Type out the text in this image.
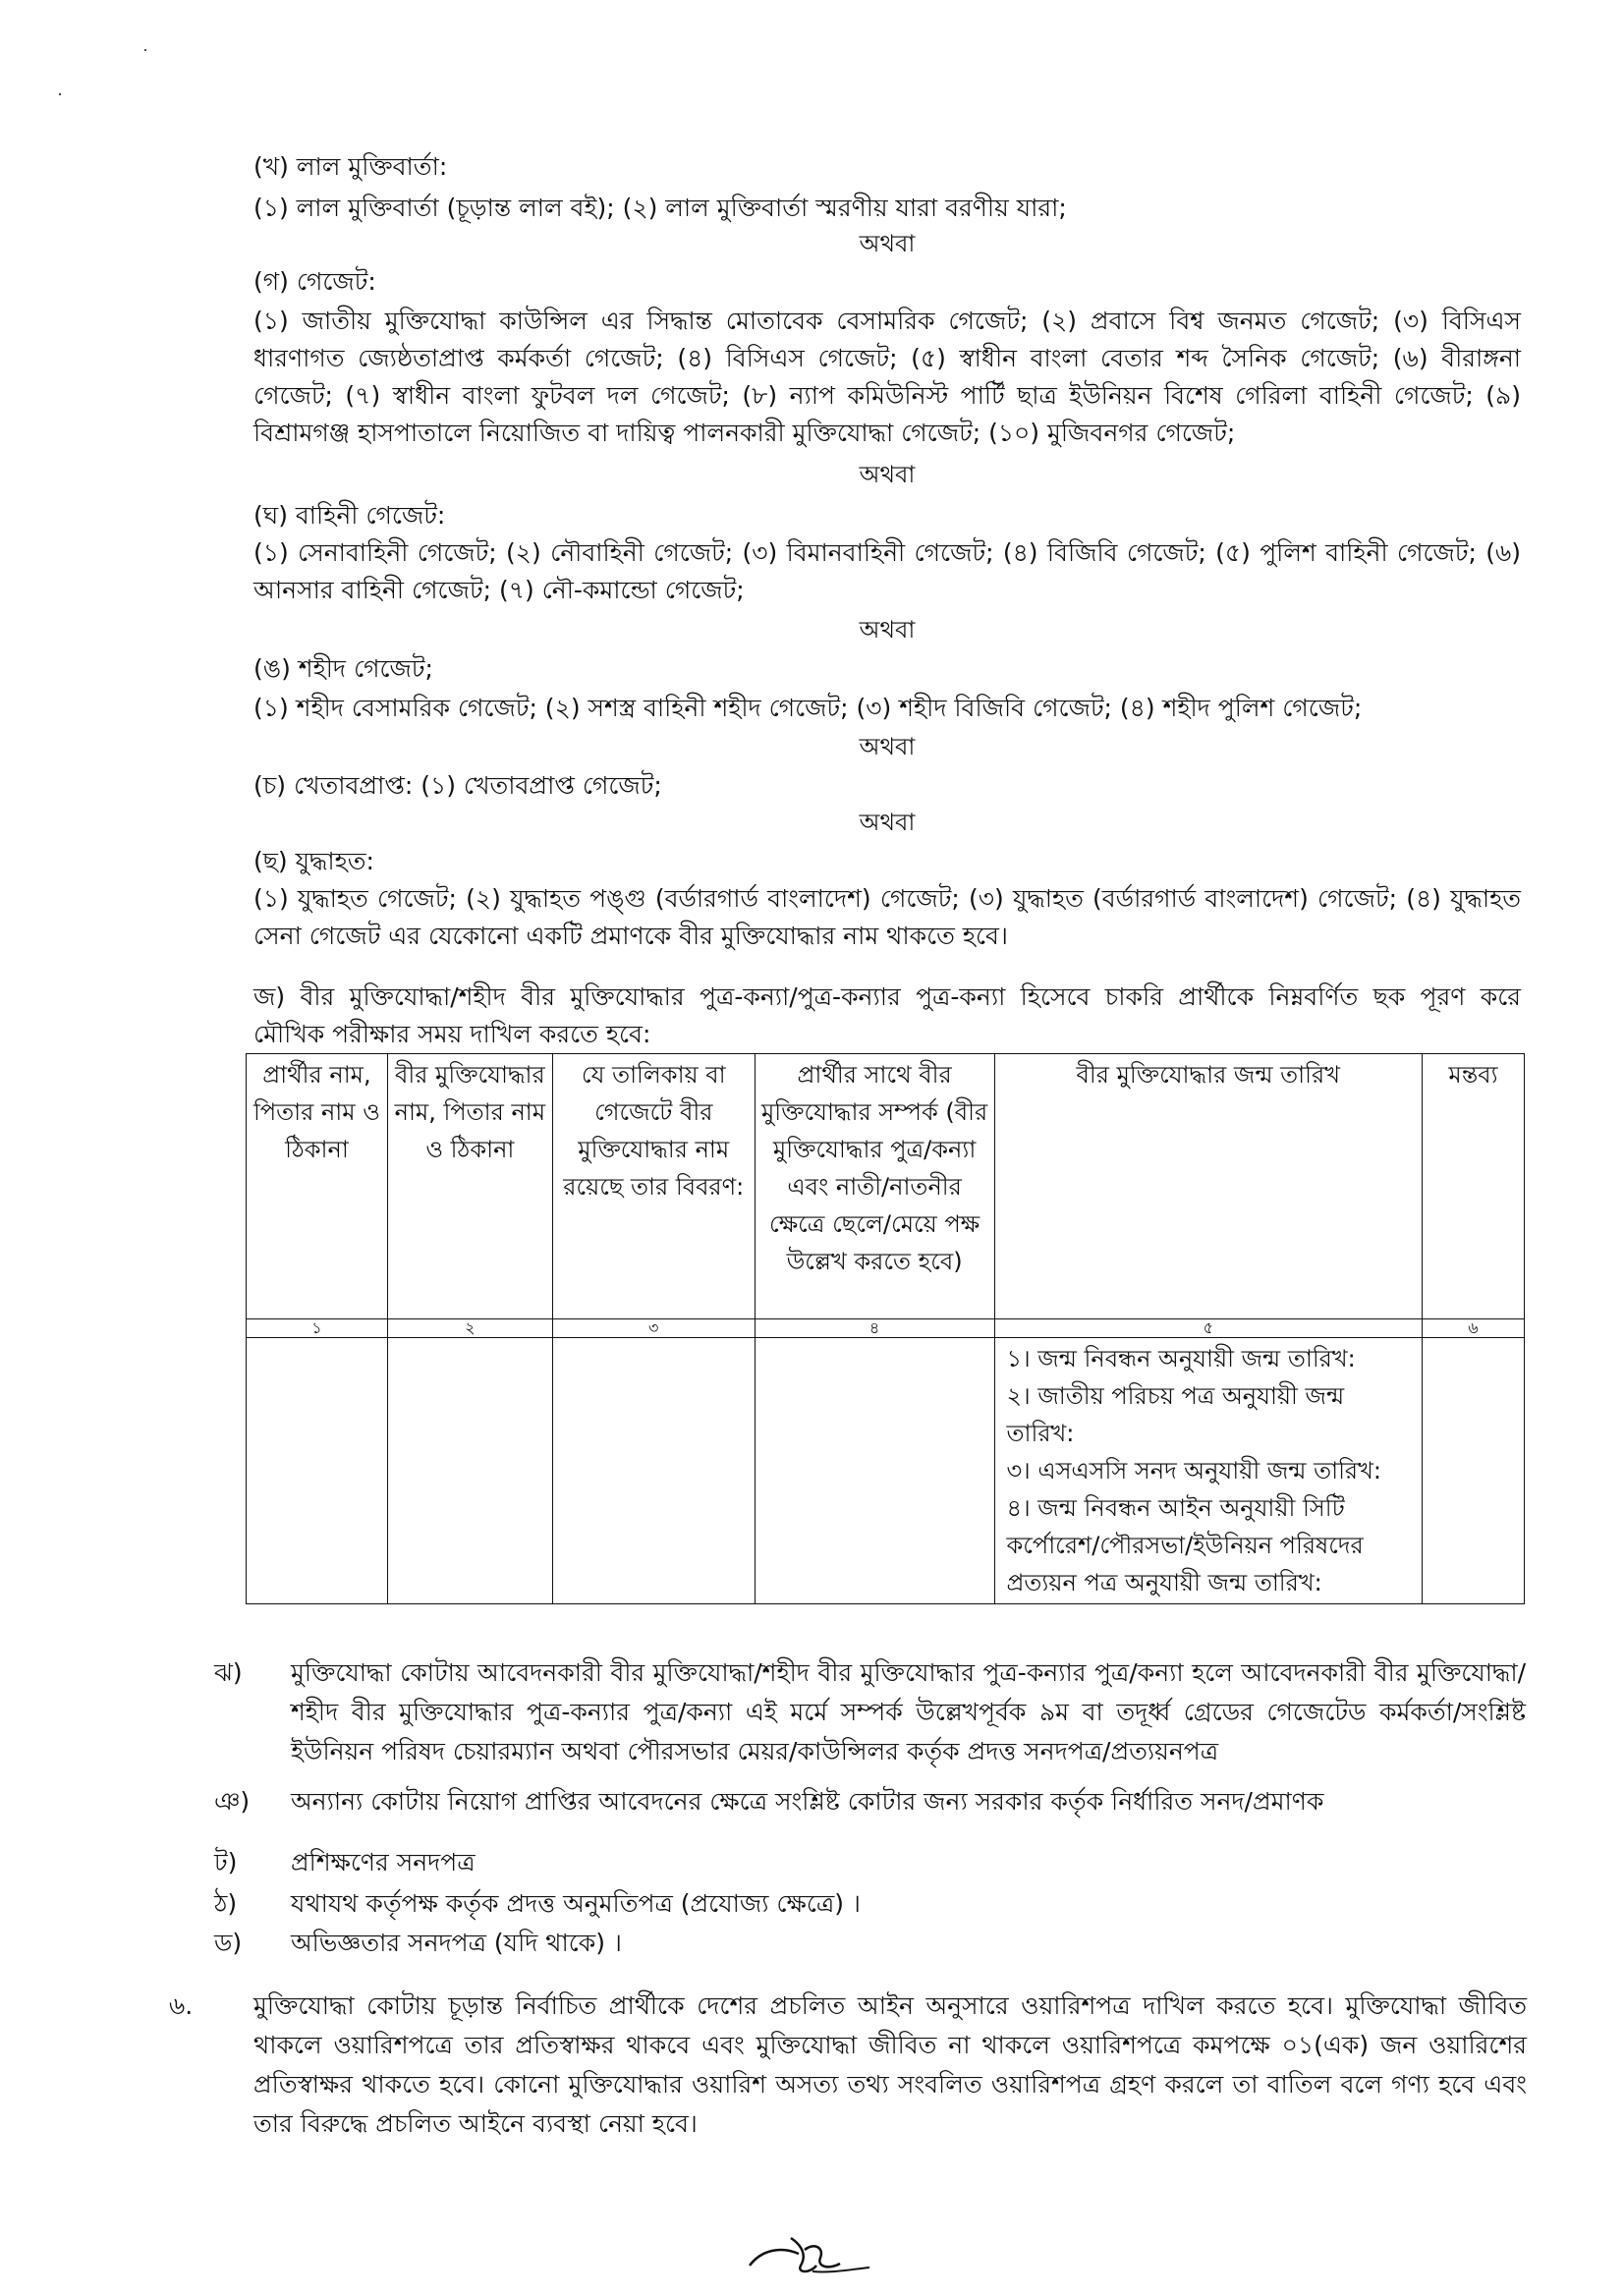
(খ) লাল মুক্তিবার্তা:
(১) লাল মুক্তিবার্তা (চূড়ান্ত লাল বই); (২) লাল মুক্তিবার্তা স্মরণীয় যারা বরণীয় যারা;
অথবা
(গ) গেজেট:
(১) জাতীয় মুক্তিযোদ্ধা কাউন্সিল এর সিদ্ধান্ত মোতাবেক বেসামরিক গেজেট; (২) প্রবাসে বিশ্ব জনমত গেজেট; (৩) বিসিএস
ধারণাগত জ্যেষ্ঠতাপ্রাপ্ত কর্মকর্তা গেজেট; (৪) বিসিএস গেজেট; (৫) স্বাধীন বাংলা বেতার শব্দ সৈনিক গেজেট; (৬) বীরাঙ্গনা
গেজেট; (৭) স্বাধীন বাংলা ফুটবল দল গেজেট; (৮) ন্যাপ কমিউনিস্ট পার্টি ছাত্র ইউনিয়ন বিশেষ গেরিলা বাহিনী গেজেট; (৯)
বিশ্রামগঞ্জ হাসপাতালে নিয়োজিত বা দায়িত্ব পালনকারী মুক্তিযোদ্ধা গেজেট; (১০) মুজিবনগর গেজেট;
অথবা
(ঘ) বাহিনী গেজেট:
(১) সেনাবাহিনী গেজেট; (২) নৌবাহিনী গেজেট; (৩) বিমানবাহিনী গেজেট; (৪) বিজিবি গেজেট; (৫) পুলিশ বাহিনী গেজেট; (৬)
আনসার বাহিনী গেজেট; (৭) নৌ-কমান্ডো গেজেট;
অথবা
(ঙ) শহীদ গেজেট;
(১) শহীদ বেসামরিক গেজেট; (২) সশস্ত্র বাহিনী শহীদ গেজেট; (৩) শহীদ বিজিবি গেজেট; (৪) শহীদ পুলিশ গেজেট;
অথবা
(চ) খেতাবপ্রাপ্ত: (১) খেতাবপ্রাপ্ত গেজেট;
অথবা
(ছ) যুদ্ধাহত:
(১) যুদ্ধাহত গেজেট; (২) যুদ্ধাহত পঙ্গু (বর্ডারগার্ড বাংলাদেশ) গেজেট; (৩) যুদ্ধাহত (বর্ডারগার্ড বাংলাদেশ) গেজেট; (৪) যুদ্ধাহত
সেনা গেজেট এর যেকোনো একটি প্রমাণকে বীর মুক্তিযোদ্ধার নাম থাকতে হবে।
জ) বীর মুক্তিযোদ্ধা/শহীদ বীর মুক্তিযোদ্ধার পুত্র-কন্যা/পুত্র-কন্যার পুত্র-কন্যা হিসেবে চাকরি প্রার্থীকে নিম্নবর্ণিত ছক পূরণ করে
মৌখিক পরীক্ষার সময় দাখিল করতে হবে:
প্রার্থীর নাম, পিতার নাম ও ঠিকানা	বীর মুক্তিযোদ্ধার নাম, পিতার নাম ও ঠিকানা	যে তালিকায় বা গেজেটে বীর মুক্তিযোদ্ধার নাম রয়েছে তার বিবরণ:	প্রার্থীর সাথে বীর মুক্তিযোদ্ধার সম্পর্ক (বীর মুক্তিযোদ্ধার পুত্র/কন্যা এবং নাতী/নাতনীর ক্ষেত্রে ছেলে/মেয়ে পক্ষ উল্লেখ করতে হবে)	বীর মুক্তিযোদ্ধার জন্ম তারিখ	মন্তব্য
১	২	৩	৪	৫	৬

				১। জন্ম নিবন্ধন অনুযায়ী জন্ম তারিখ:
২। জাতীয় পরিচয় পত্র অনুযায়ী জন্ম তারিখ:
৩। এসএসসি সনদ অনুযায়ী জন্ম তারিখ:
৪। জন্ম নিবন্ধন আইন অনুযায়ী সিটি কর্পোরেশ/পৌরসভা/ইউনিয়ন পরিষদের প্রত্যয়ন পত্র অনুযায়ী জন্ম তারিখ:	

ঝ) মুক্তিযোদ্ধা কোটায় আবেদনকারী বীর মুক্তিযোদ্ধা/শহীদ বীর মুক্তিযোদ্ধার পুত্র-কন্যার পুত্র/কন্যা হলে আবেদনকারী বীর মুক্তিযোদ্ধা/শহীদ বীর মুক্তিযোদ্ধার পুত্র-কন্যার পুত্র/কন্যা এই মর্মে সম্পর্ক উল্লেখপূর্বক ৯ম বা তদূর্ধ্ব গ্রেডের গেজেটেড কর্মকর্তা/সংশ্লিষ্ট ইউনিয়ন পরিষদ চেয়ারম্যান অথবা পৌরসভার মেয়র/কাউন্সিলর কর্তৃক প্রদত্ত সনদপত্র/প্রত্যয়নপত্র
ঞ) অন্যান্য কোটায় নিয়োগ প্রাপ্তির আবেদনের ক্ষেত্রে সংশ্লিষ্ট কোটার জন্য সরকার কর্তৃক নির্ধারিত সনদ/প্রমাণক
ট) প্রশিক্ষণের সনদপত্র
ঠ) যথাযথ কর্তৃপক্ষ কর্তৃক প্রদত্ত অনুমতিপত্র (প্রযোজ্য ক্ষেত্রে) ।
ড) অভিজ্ঞতার সনদপত্র (যদি থাকে) ।
৬. মুক্তিযোদ্ধা কোটায় চূড়ান্ত নির্বাচিত প্রার্থীকে দেশের প্রচলিত আইন অনুসারে ওয়ারিশপত্র দাখিল করতে হবে। মুক্তিযোদ্ধা জীবিত থাকলে ওয়ারিশপত্রে তার প্রতিস্বাক্ষর থাকবে এবং মুক্তিযোদ্ধা জীবিত না থাকলে ওয়ারিশপত্রে কমপক্ষে ০১(এক) জন ওয়ারিশের প্রতিস্বাক্ষর থাকতে হবে। কোনো মুক্তিযোদ্ধার ওয়ারিশ অসত্য তথ্য সংবলিত ওয়ারিশপত্র গ্রহণ করলে তা বাতিল বলে গণ্য হবে এবং তার বিরুদ্ধে প্রচলিত আইনে ব্যবস্থা নেয়া হবে।
